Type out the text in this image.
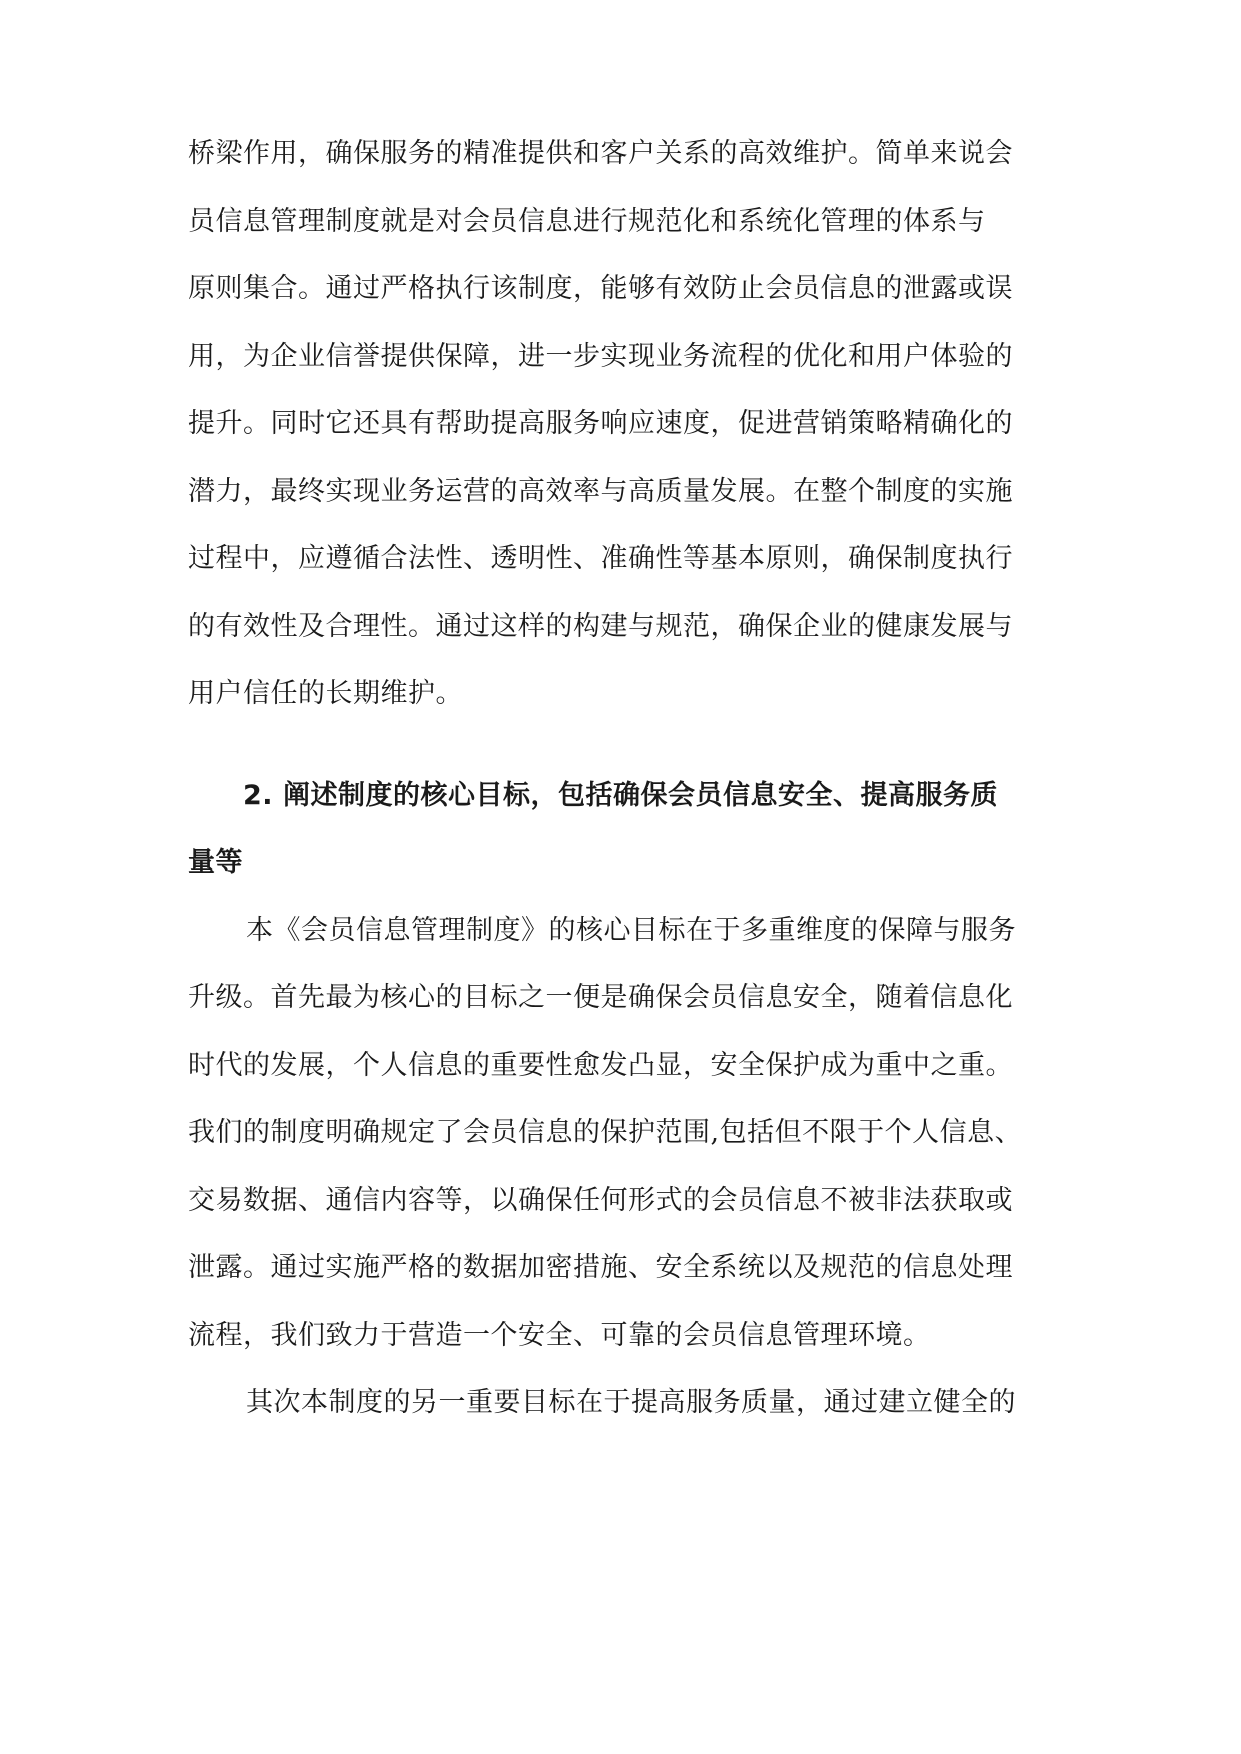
桥梁作用，确保服务的精准提供和客户关系的高效维护。简单来说会
员信息管理制度就是对会员信息进行规范化和系统化管理的体系与
原则集合。通过严格执行该制度，能够有效防止会员信息的泄露或误
用，为企业信誉提供保障，进一步实现业务流程的优化和用户体验的
提升。同时它还具有帮助提高服务响应速度，促进营销策略精确化的
潜力，最终实现业务运营的高效率与高质量发展。在整个制度的实施
过程中，应遵循合法性、透明性、准确性等基本原则，确保制度执行
的有效性及合理性。通过这样的构建与规范，确保企业的健康发展与
用户信任的长期维护。
2. 阐述制度的核心目标，包括确保会员信息安全、提高服务质
量等
本《会员信息管理制度》的核心目标在于多重维度的保障与服务
升级。首先最为核心的目标之一便是确保会员信息安全，随着信息化
时代的发展，个人信息的重要性愈发凸显，安全保护成为重中之重。
我们的制度明确规定了会员信息的保护范围,包括但不限于个人信息、
交易数据、通信内容等，以确保任何形式的会员信息不被非法获取或
泄露。通过实施严格的数据加密措施、安全系统以及规范的信息处理
流程，我们致力于营造一个安全、可靠的会员信息管理环境。
其次本制度的另一重要目标在于提高服务质量，通过建立健全的
